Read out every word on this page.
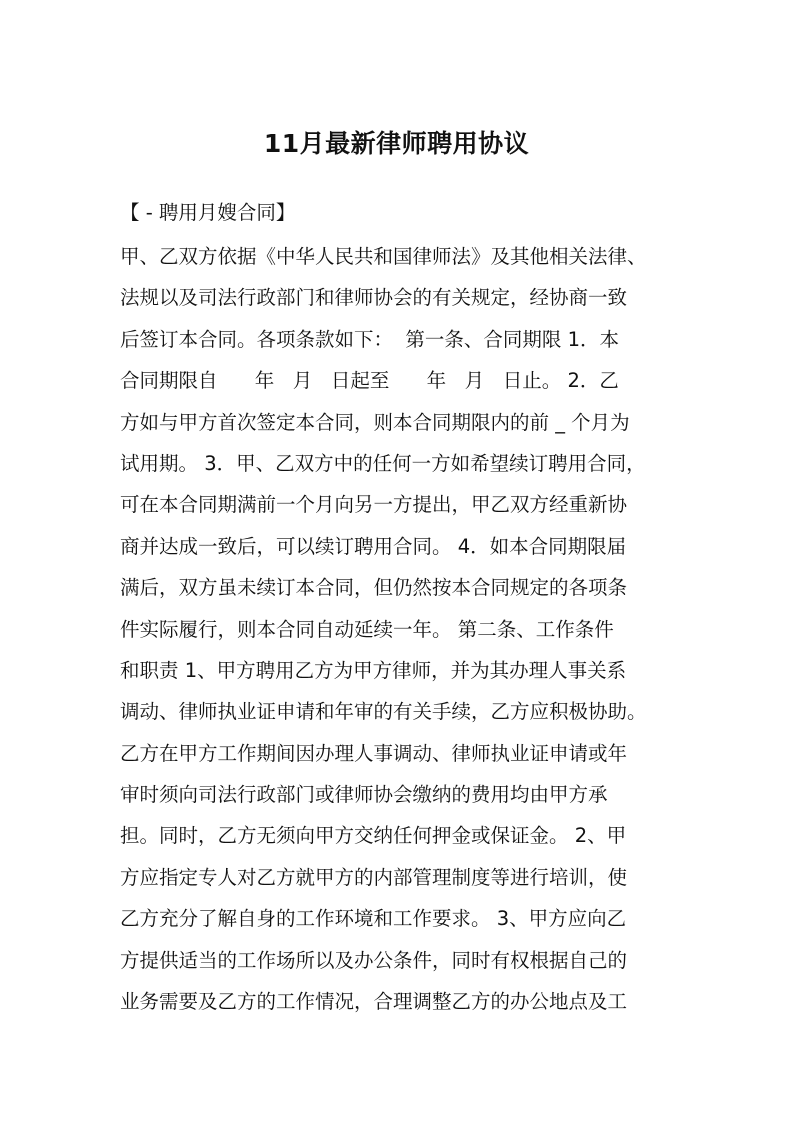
11月最新律师聘用协议
【 - 聘用月嫂合同】
甲、乙双方依据《中华人民共和国律师法》及其他相关法律、
法规以及司法行政部门和律师协会的有关规定，经协商一致
后签订本合同。各项条款如下：  第一条、合同期限 1．本
合同期限自      年   月   日起至      年   月   日止。 2．乙
方如与甲方首次签定本合同，则本合同期限内的前 _ 个月为
试用期。 3．甲、乙双方中的任何一方如希望续订聘用合同，
可在本合同期满前一个月向另一方提出，甲乙双方经重新协
商并达成一致后，可以续订聘用合同。 4．如本合同期限届
满后，双方虽未续订本合同，但仍然按本合同规定的各项条
件实际履行，则本合同自动延续一年。 第二条、工作条件
和职责 1、甲方聘用乙方为甲方律师，并为其办理人事关系
调动、律师执业证申请和年审的有关手续，乙方应积极协助。
乙方在甲方工作期间因办理人事调动、律师执业证申请或年
审时须向司法行政部门或律师协会缴纳的费用均由甲方承
担。同时，乙方无须向甲方交纳任何押金或保证金。 2、甲
方应指定专人对乙方就甲方的内部管理制度等进行培训，使
乙方充分了解自身的工作环境和工作要求。 3、甲方应向乙
方提供适当的工作场所以及办公条件，同时有权根据自己的
业务需要及乙方的工作情况，合理调整乙方的办公地点及工
